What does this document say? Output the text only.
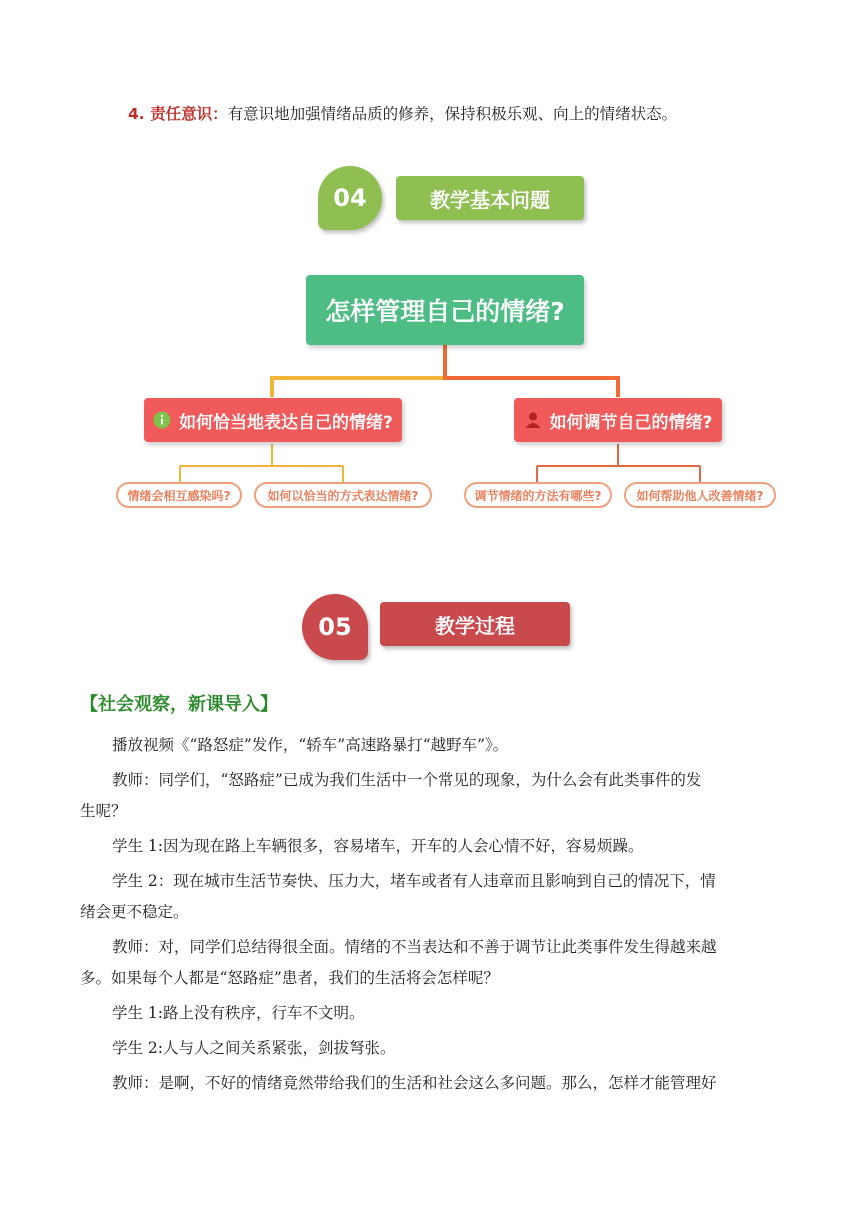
4. 责任意识：有意识地加强情绪品质的修养，保持积极乐观、向上的情绪状态。
教学基本问题
04
怎样管理自己的情绪?
如何恰当地表达自己的情绪?	如何调节自己的情绪?
情绪会相互感染吗?	如何以恰当的方式表达情绪?	调节情绪的方法有哪些?	如何帮助他人改善情绪?
教学过程
05
【社会观察，新课导入】
播放视频《“路怒症”发作，“轿车”高速路暴打“越野车”》。
教师：同学们，“怒路症”已成为我们生活中一个常见的现象，为什么会有此类事件的发
生呢？
学生 1:因为现在路上车辆很多，容易堵车，开车的人会心情不好，容易烦躁。
学生 2：现在城市生活节奏快、压力大，堵车或者有人违章而且影响到自己的情况下，情
绪会更不稳定。
教师：对，同学们总结得很全面。情绪的不当表达和不善于调节让此类事件发生得越来越
多。如果每个人都是“怒路症”患者，我们的生活将会怎样呢？
学生 1:路上没有秩序，行车不文明。
学生 2:人与人之间关系紧张，剑拔弩张。
教师：是啊，不好的情绪竟然带给我们的生活和社会这么多问题。那么，怎样才能管理好
